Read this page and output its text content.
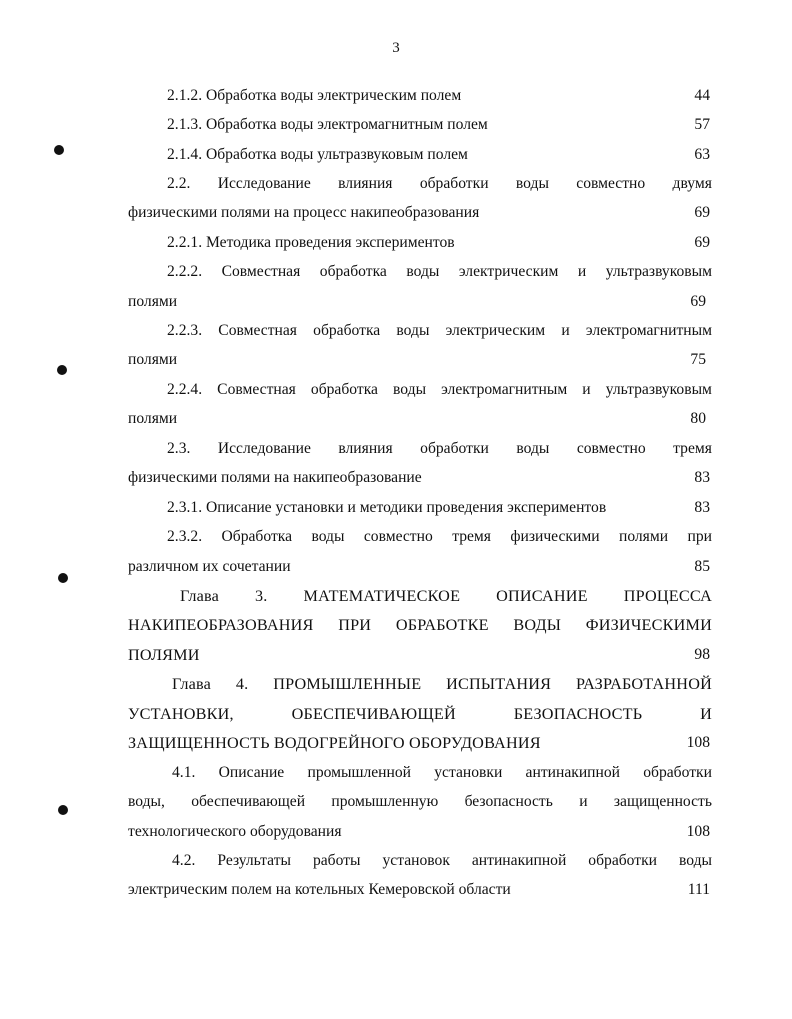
3
2.1.2. Обработка воды электрическим полем	44
2.1.3. Обработка воды электромагнитным полем	57
2.1.4. Обработка воды ультразвуковым полем	63
2.2. Исследование влияния обработки воды совместно двумя
физическими полями на процесс накипеобразования	69
2.2.1. Методика проведения экспериментов	69
2.2.2. Совместная обработка воды электрическим и ультразвуковым
полями	69
2.2.3. Совместная обработка воды электрическим и электромагнитным
полями	75
2.2.4. Совместная обработка воды электромагнитным и ультразвуковым
полями	80
2.3. Исследование влияния обработки воды совместно тремя
физическими полями на накипеобразование	83
2.3.1. Описание установки и методики проведения экспериментов	83
2.3.2. Обработка воды совместно тремя физическими полями при
различном их сочетании	85
Глава 3. МАТЕМАТИЧЕСКОЕ ОПИСАНИЕ ПРОЦЕССА
НАКИПЕОБРАЗОВАНИЯ ПРИ ОБРАБОТКЕ ВОДЫ ФИЗИЧЕСКИМИ
ПОЛЯМИ	98
Глава 4. ПРОМЫШЛЕННЫЕ ИСПЫТАНИЯ РАЗРАБОТАННОЙ
УСТАНОВКИ,	ОБЕСПЕЧИВАЮЩЕЙ	БЕЗОПАСНОСТЬ	И
ЗАЩИЩЕННОСТЬ ВОДОГРЕЙНОГО ОБОРУДОВАНИЯ	108
4.1. Описание промышленной установки антинакипной обработки
воды, обеспечивающей промышленную безопасность и защищенность
технологического оборудования	108
4.2. Результаты работы установок антинакипной обработки воды
электрическим полем на котельных Кемеровской области	111
